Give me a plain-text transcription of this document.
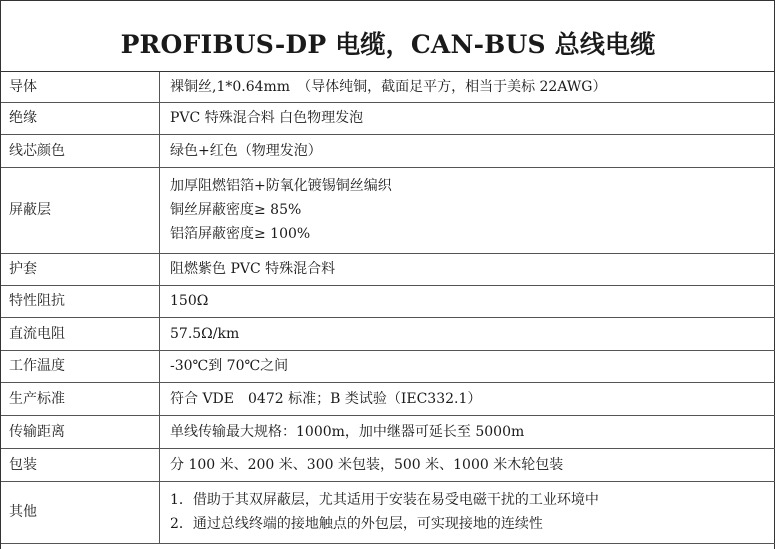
PROFIBUS-DP 电缆，CAN-BUS 总线电缆
导体	裸铜丝,1*0.64mm　（导体纯铜，截面足平方，相当于美标 22AWG）

绝缘	PVC 特殊混合料 白色物理发泡

线芯颜色	绿色+红色（物理发泡）

屏蔽层	加厚阻燃铝箔+防氧化镀锡铜丝编织
铜丝屏蔽密度≥ 85%
铝箔屏蔽密度≥ 100%

护套	阻燃紫色 PVC 特殊混合料

特性阻抗	150Ω

直流电阻	57.5Ω/km

工作温度	-30℃到 70℃之间

生产标准	符合 VDE　0472 标准；B 类试验（IEC332.1）

传输距离	单线传输最大规格：1000m，加中继器可延长至 5000m

包装	分 100 米、200 米、300 米包装，500 米、1000 米木轮包装

其他	1．借助于其双屏蔽层，尤其适用于安装在易受电磁干扰的工业环境中
2．通过总线终端的接地触点的外包层，可实现接地的连续性
